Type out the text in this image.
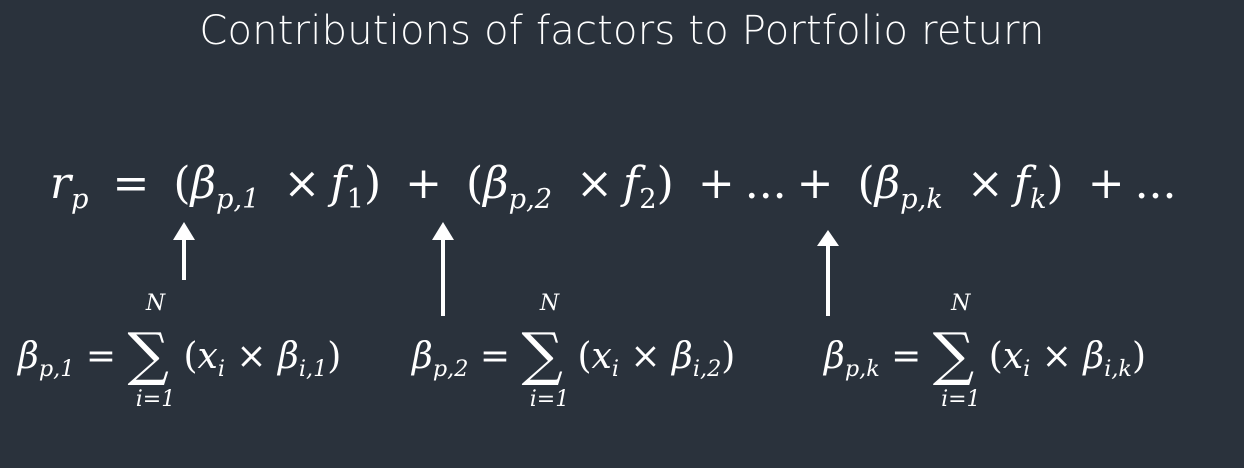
Contributions of factors to Portfolio return
$r_p = (\beta_{p,1} \times f_1) + (\beta_{p,2} \times f_2)$ + ... + $(\beta_{p,k} \times f_k)$ + ...
$\beta_{p,1}$ =
N
∑
i=1
$(x_i \times \beta_{i,1}) \beta_{p,2}$ =
N
∑
i=1
$(x_i \times \beta_{i,2}) \beta_{p,k}$ =
N
∑
i=1
$(x_i \times \beta_{i,k})$
